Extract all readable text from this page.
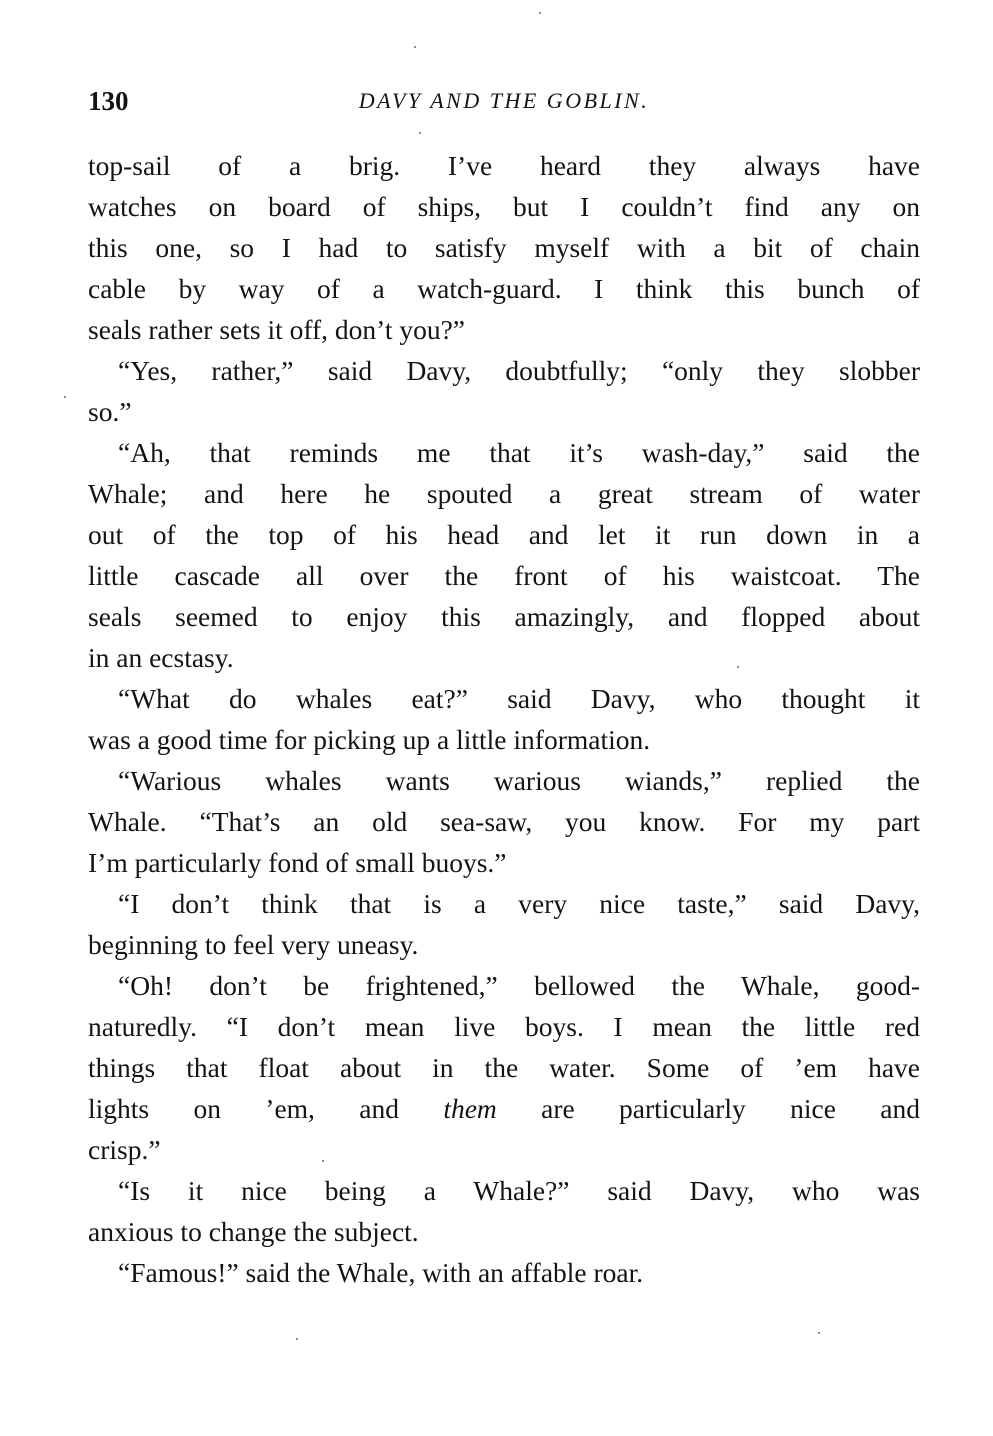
130	DAVY AND THE GOBLIN.
top-sail of a brig. I’ve heard they always have
watches on board of ships, but I couldn’t find any on
this one, so I had to satisfy myself with a bit of chain
cable by way of a watch-guard. I think this bunch of
seals rather sets it off, don’t you?”
“Yes, rather,” said Davy, doubtfully; “only they slobber
so.”
“Ah, that reminds me that it’s wash-day,” said the
Whale; and here he spouted a great stream of water
out of the top of his head and let it run down in a
little cascade all over the front of his waistcoat. The
seals seemed to enjoy this amazingly, and flopped about
in an ecstasy.
“What do whales eat?” said Davy, who thought it
was a good time for picking up a little information.
“Warious whales wants warious wiands,” replied the
Whale. “That’s an old sea-saw, you know. For my part
I’m particularly fond of small buoys.”
“I don’t think that is a very nice taste,” said Davy,
beginning to feel very uneasy.
“Oh! don’t be frightened,” bellowed the Whale, good-
naturedly. “I don’t mean live boys. I mean the little red
things that float about in the water. Some of ’em have
lights on ’em, and them are particularly nice and
crisp.”
“Is it nice being a Whale?” said Davy, who was
anxious to change the subject.
“Famous!” said the Whale, with an affable roar.
